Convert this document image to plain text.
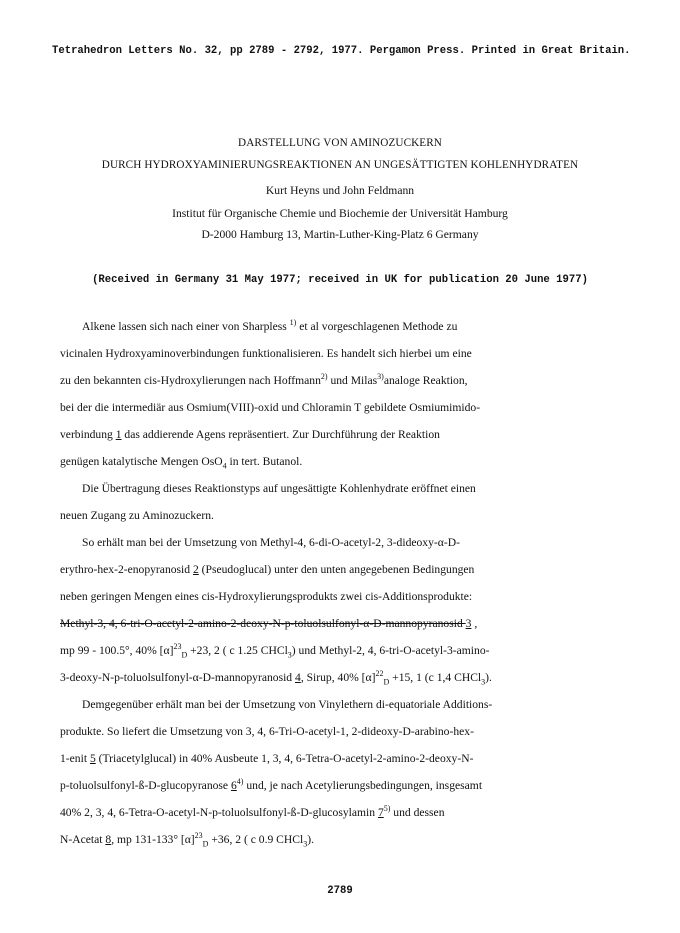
Tetrahedron Letters No. 32, pp 2789 - 2792, 1977. Pergamon Press. Printed in Great Britain.
DARSTELLUNG VON AMINOZUCKERN
DURCH HYDROXYAMINIERUNGSREAKTIONEN AN UNGESÄTTIGTEN KOHLENHYDRATEN
Kurt Heyns und John Feldmann
Institut für Organische Chemie und Biochemie der Universität Hamburg
D-2000 Hamburg 13, Martin-Luther-King-Platz 6 Germany
(Received in Germany 31 May 1977; received in UK for publication 20 June 1977)
Alkene lassen sich nach einer von Sharpless $^{1)}$ et al vorgeschlagenen Methode zu
vicinalen Hydroxyaminoverbindungen funktionalisieren. Es handelt sich hierbei um eine
zu den bekannten cis-Hydroxylierungen nach Hoffmann$^{2)}$ und Milas$^{3)}$analoge Reaktion,
bei der die intermediär aus Osmium(VIII)-oxid und Chloramin T gebildete Osmiumimido-
verbindung 1 das addierende Agens repräsentiert. Zur Durchführung der Reaktion
genügen katalytische Mengen OsO$_4$ in tert. Butanol.
Die Übertragung dieses Reaktionstyps auf ungesättigte Kohlenhydrate eröffnet einen
neuen Zugang zu Aminozuckern.
So erhält man bei der Umsetzung von Methyl-4, 6-di-O-acetyl-2, 3-dideoxy-α-D-
erythro-hex-2-enopyranosid 2 (Pseudoglucal) unter den unten angegebenen Bedingungen
neben geringen Mengen eines cis-Hydroxylierungsprodukts zwei cis-Additionsprodukte:
Methyl-3, 4, 6-tri-O-acetyl-2-amino-2-deoxy-N-p-toluolsulfonyl-α-D-mannopyranosid 3 ,
mp 99 - 100.5°, 40% $[\alpha]^{23}_D +23$, 2 ( c 1.25 CHCl$_3$) und Methyl-2, 4, 6-tri-O-acetyl-3-amino-
3-deoxy-N-p-toluolsulfonyl-α-D-mannopyranosid 4, Sirup, 40% $[\alpha]^{22}_D +15$, 1 (c 1,4 CHCl$_3$).
Demgegenüber erhält man bei der Umsetzung von Vinylethern di-equatoriale Additions-
produkte. So liefert die Umsetzung von 3, 4, 6-Tri-O-acetyl-1, 2-dideoxy-D-arabino-hex-
1-enit 5 (Triacetylglucal) in 40% Ausbeute 1, 3, 4, 6-Tetra-O-acetyl-2-amino-2-deoxy-N-
p-toluolsulfonyl-ß-D-glucopyranose 6$^{4)}$ und, je nach Acetylierungsbedingungen, insgesamt
40% 2, 3, 4, 6-Tetra-O-acetyl-N-p-toluolsulfonyl-ß-D-glucosylamin 7$^{5)}$ und dessen
N-Acetat 8, mp 131-133° $[\alpha]^{23}_D +36$, 2 ( c 0.9 CHCl$_3$).
2789
